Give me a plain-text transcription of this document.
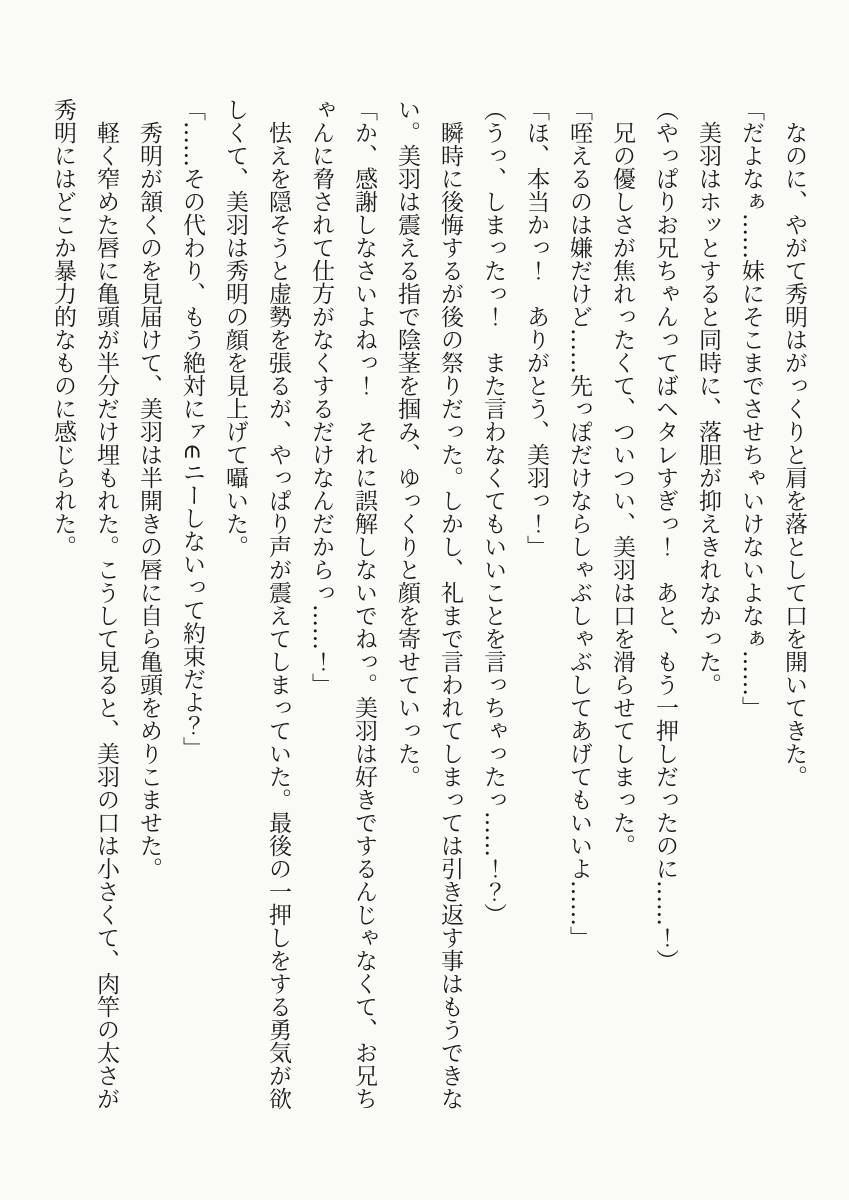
なのに、やがて秀明はがっくりと肩を落として口を開いてきた。

「だよなぁ……妹にそこまでさせちゃいけないよなぁ……」

美羽はホッとすると同時に、落胆が抑えきれなかった。

（やっぱりお兄ちゃんってばヘタレすぎっ！　あと、もう一押しだったのに……！）

兄の優しさが焦れったくて、ついつい、美羽は口を滑らせてしまった。

「咥えるのは嫌だけど……先っぽだけならしゃぶしゃぶしてあげてもいいよ……」

「ほ、本当かっ！　ありがとう、美羽っ！」

（うっ、しまったっ！　また言わなくてもいいことを言っちゃったっ……！？）

瞬時に後悔するが後の祭りだった。しかし、礼まで言われてしまっては引き返す事はもうできない。美羽は震える指で陰茎を掴み、ゆっくりと顔を寄せていった。

「か、感謝しなさいよねっ！　それに誤解しないでねっ。美羽は好きでするんじゃなくて、お兄ちゃんに脅されて仕方がなくするだけなんだからっ……！」

怯えを隠そうと虚勢を張るが、やっぱり声が震えてしまっていた。最後の一押しをする勇気が欲しくて、美羽は秀明の顔を見上げて囁いた。

「……その代わり、もう絶対にァ∈ニーしないって約束だよ？」

秀明が頷くのを見届けて、美羽は半開きの唇に自ら亀頭をめりこませた。

軽く窄めた唇に亀頭が半分だけ埋もれた。こうして見ると、美羽の口は小さくて、肉竿の太さが秀明にはどこか暴力的なものに感じられた。
